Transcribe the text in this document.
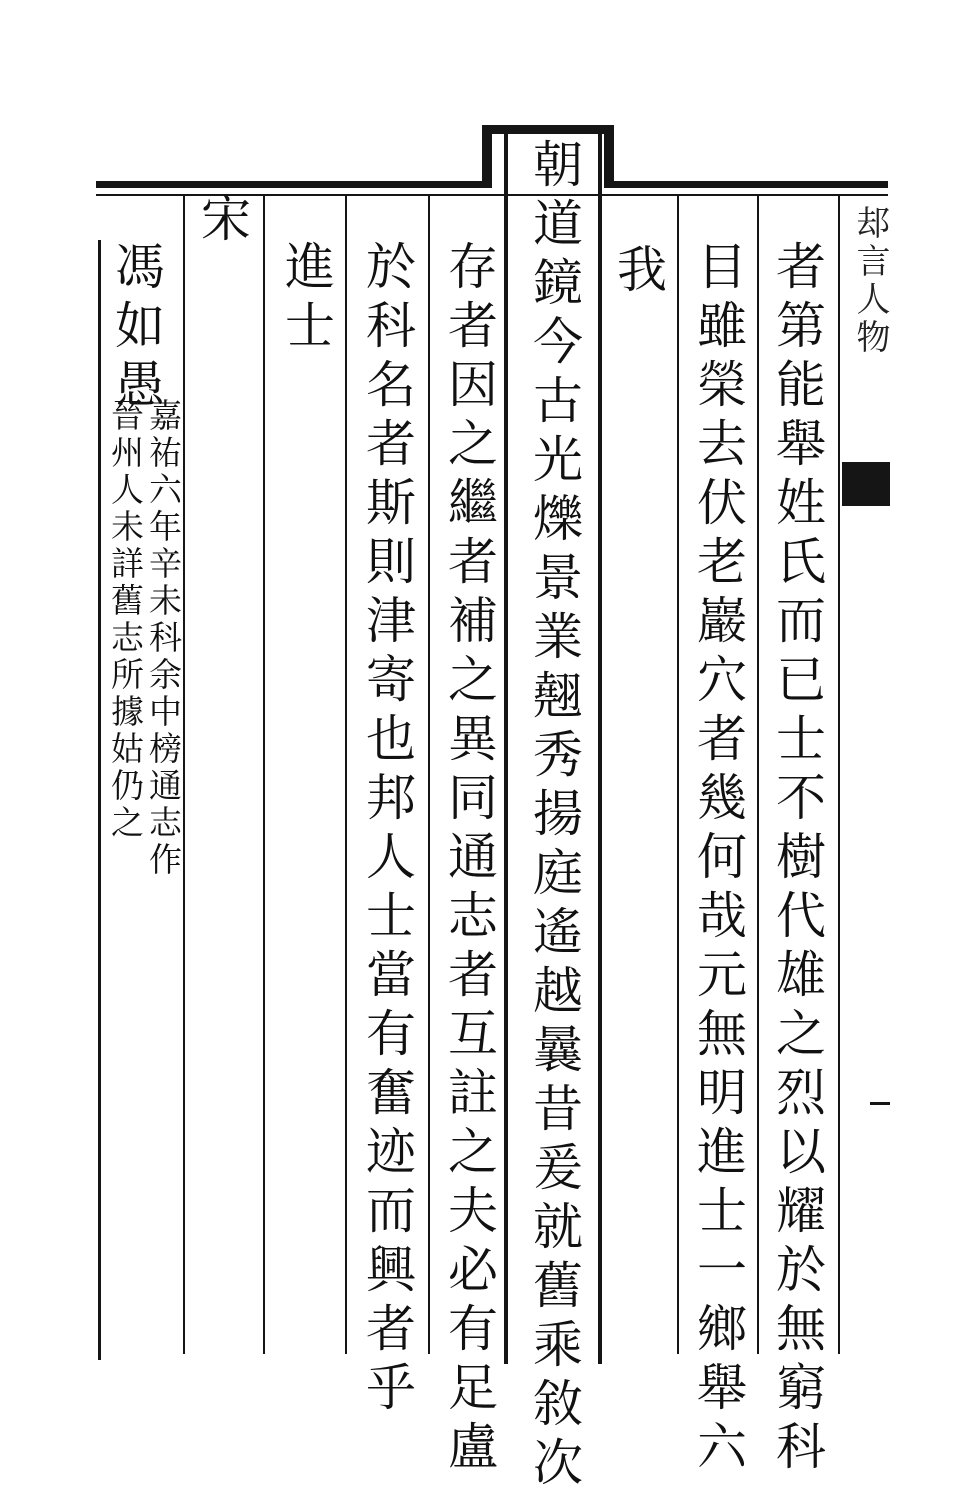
𨚫言人物
者第能舉姓氏而已士不樹代雄之烈以耀於無窮科
目雖榮去伏老巖穴者幾何哉元無明進士一鄉舉六
朝道鏡今古光爍景業翹秀揚庭遙越曩昔爰就舊乘敘次 我
存者因之繼者補之異同通志者互註之夫必有足盧
於科名者斯則津寄也邦人士當有奮迹而興者乎
進士
宋
馮如愚
嘉祐六年辛未科余中榜通志作
晉州人未詳舊志所據姑仍之
